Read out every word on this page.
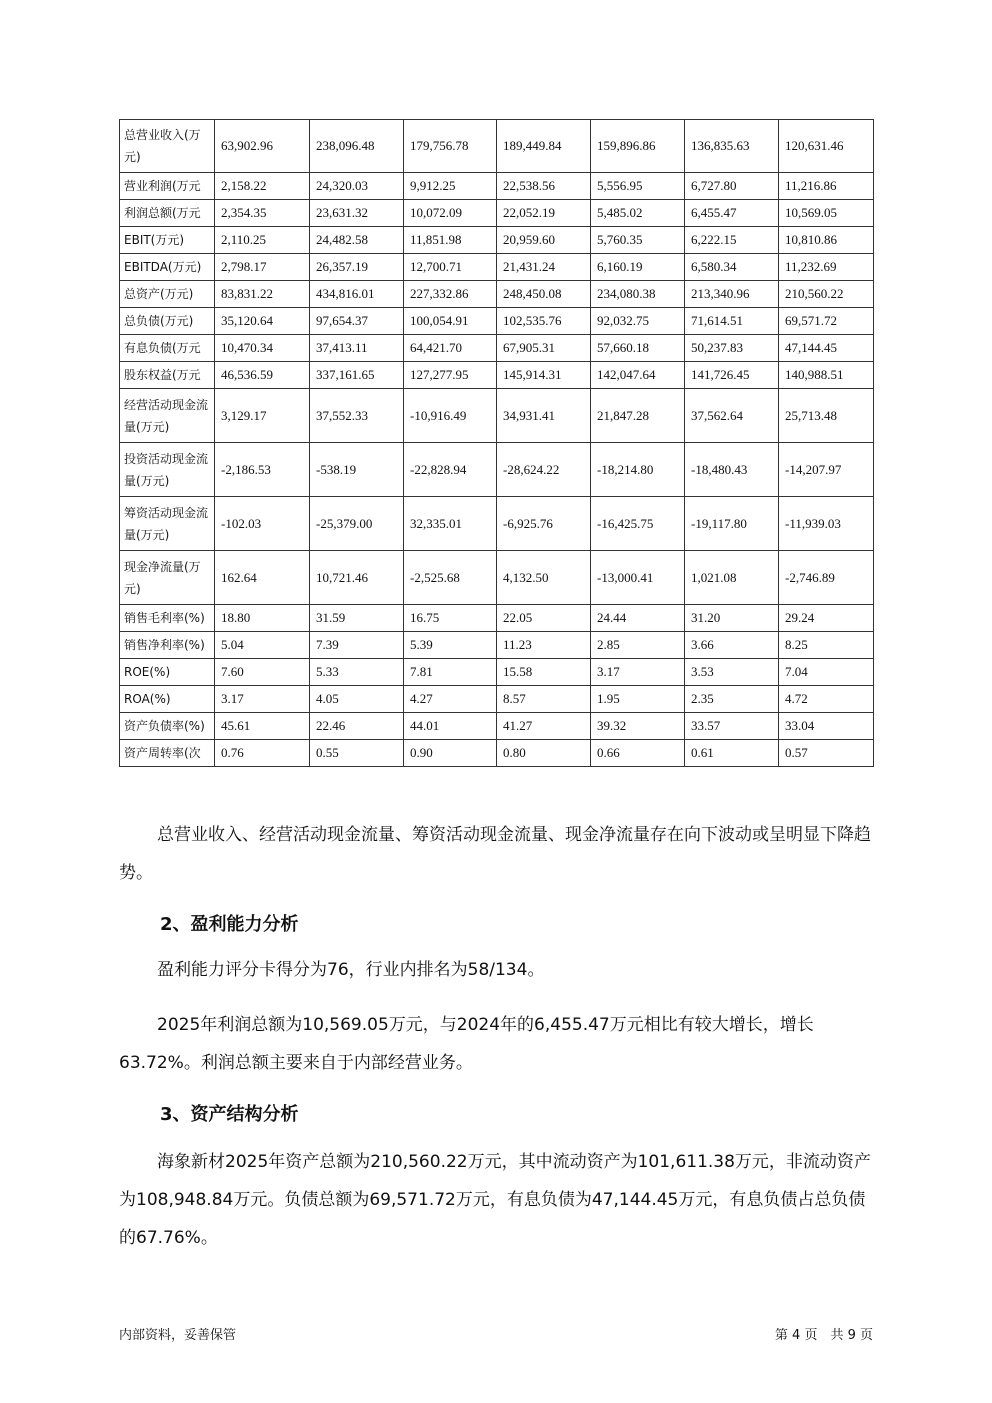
总营业收入(万元)	63,902.96	238,096.48	179,756.78	189,449.84	159,896.86	136,835.63	120,631.46
营业利润(万元	2,158.22	24,320.03	9,912.25	22,538.56	5,556.95	6,727.80	11,216.86
利润总额(万元	2,354.35	23,631.32	10,072.09	22,052.19	5,485.02	6,455.47	10,569.05
EBIT(万元)	2,110.25	24,482.58	11,851.98	20,959.60	5,760.35	6,222.15	10,810.86
EBITDA(万元)	2,798.17	26,357.19	12,700.71	21,431.24	6,160.19	6,580.34	11,232.69
总资产(万元)	83,831.22	434,816.01	227,332.86	248,450.08	234,080.38	213,340.96	210,560.22
总负债(万元)	35,120.64	97,654.37	100,054.91	102,535.76	92,032.75	71,614.51	69,571.72
有息负债(万元	10,470.34	37,413.11	64,421.70	67,905.31	57,660.18	50,237.83	47,144.45
股东权益(万元	46,536.59	337,161.65	127,277.95	145,914.31	142,047.64	141,726.45	140,988.51
经营活动现金流量(万元)	3,129.17	37,552.33	-10,916.49	34,931.41	21,847.28	37,562.64	25,713.48
投资活动现金流量(万元)	-2,186.53	-538.19	-22,828.94	-28,624.22	-18,214.80	-18,480.43	-14,207.97
筹资活动现金流量(万元)	-102.03	-25,379.00	32,335.01	-6,925.76	-16,425.75	-19,117.80	-11,939.03
现金净流量(万元)	162.64	10,721.46	-2,525.68	4,132.50	-13,000.41	1,021.08	-2,746.89
销售毛利率(%)	18.80	31.59	16.75	22.05	24.44	31.20	29.24
销售净利率(%)	5.04	7.39	5.39	11.23	2.85	3.66	8.25
ROE(%)	7.60	5.33	7.81	15.58	3.17	3.53	7.04
ROA(%)	3.17	4.05	4.27	8.57	1.95	2.35	4.72
资产负债率(%)	45.61	22.46	44.01	41.27	39.32	33.57	33.04
资产周转率(次	0.76	0.55	0.90	0.80	0.66	0.61	0.57

总营业收入、经营活动现金流量、筹资活动现金流量、现金净流量存在向下波动或呈明显下降趋势。

2、盈利能力分析

盈利能力评分卡得分为76，行业内排名为58/134。

2025年利润总额为10,569.05万元，与2024年的6,455.47万元相比有较大增长，增长63.72%。利润总额主要来自于内部经营业务。

3、资产结构分析

海象新材2025年资产总额为210,560.22万元，其中流动资产为101,611.38万元，非流动资产为108,948.84万元。负债总额为69,571.72万元，有息负债为47,144.45万元，有息负债占总负债的67.76%。

内部资料，妥善保管	第 4 页　共 9 页
